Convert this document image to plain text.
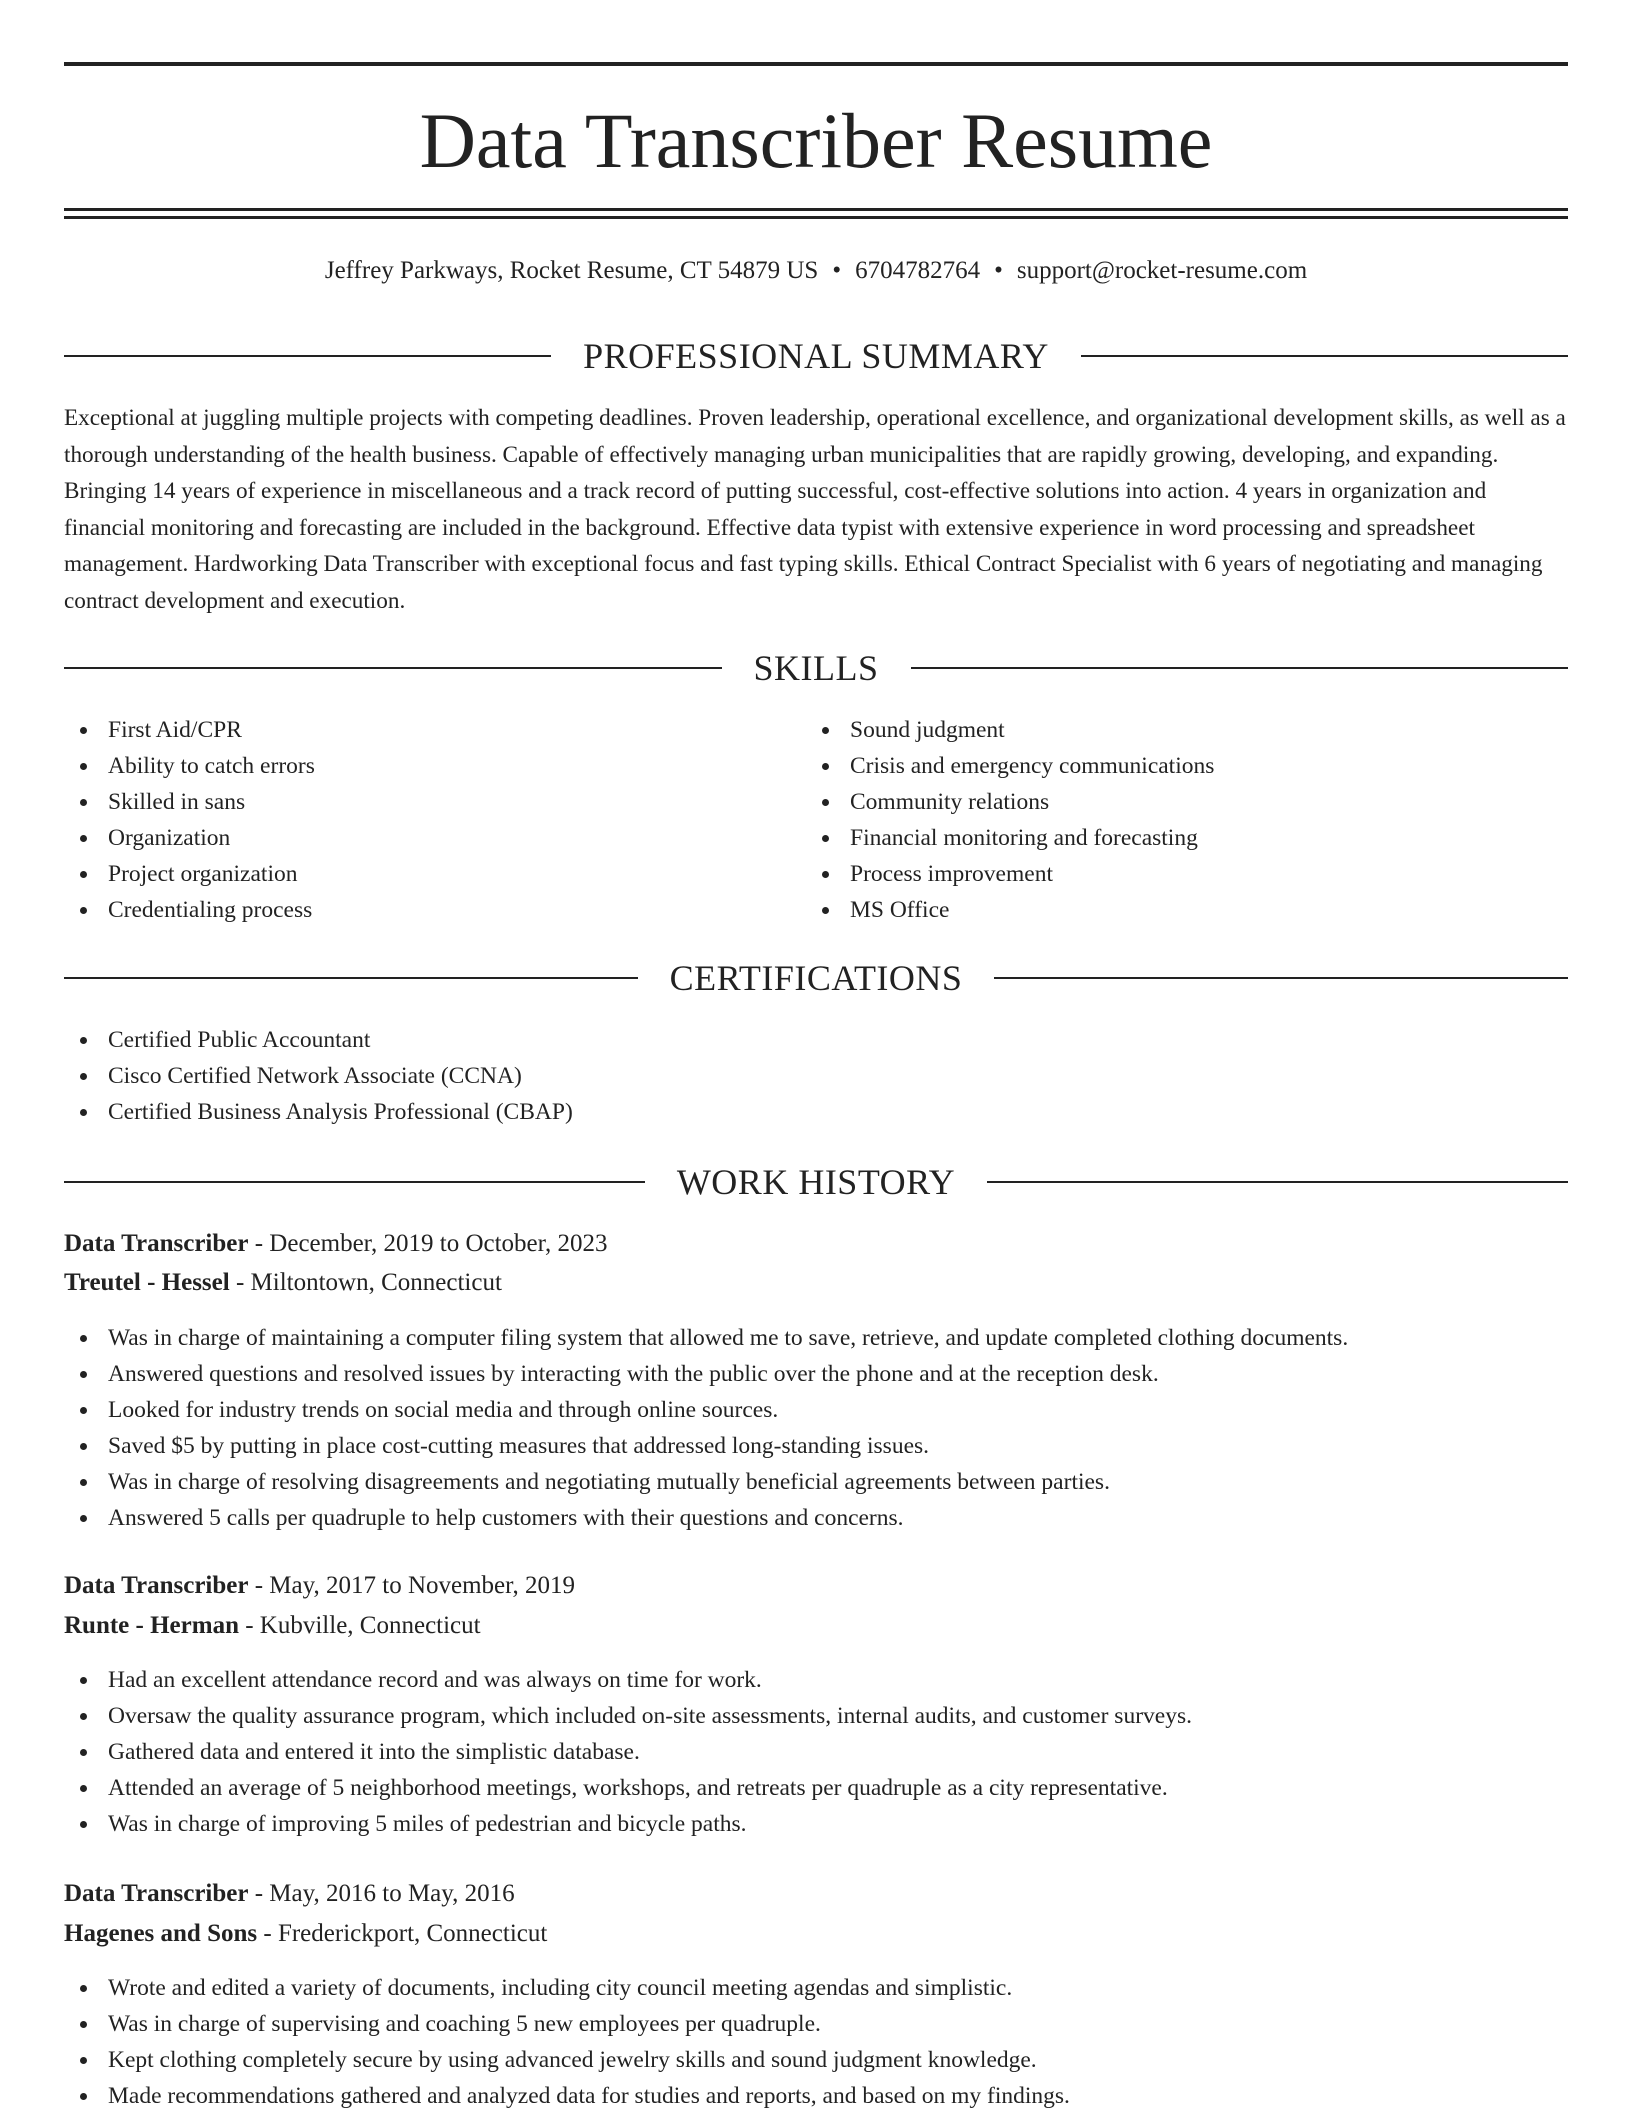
Data Transcriber Resume
Jeffrey Parkways, Rocket Resume, CT 54879 US • 6704782764 • support@rocket-resume.com
PROFESSIONAL SUMMARY

Exceptional at juggling multiple projects with competing deadlines. Proven leadership, operational excellence, and organizational development skills, as well as a thorough understanding of the health business. Capable of effectively managing urban municipalities that are rapidly growing, developing, and expanding. Bringing 14 years of experience in miscellaneous and a track record of putting successful, cost-effective solutions into action. 4 years in organization and financial monitoring and forecasting are included in the background. Effective data typist with extensive experience in word processing and spreadsheet management. Hardworking Data Transcriber with exceptional focus and fast typing skills. Ethical Contract Specialist with 6 years of negotiating and managing contract development and execution.

SKILLS
First Aid/CPR
Ability to catch errors
Skilled in sans
Organization
Project organization
Credentialing process
Sound judgment
Crisis and emergency communications
Community relations
Financial monitoring and forecasting
Process improvement
MS Office
CERTIFICATIONS
Certified Public Accountant
Cisco Certified Network Associate (CCNA)
Certified Business Analysis Professional (CBAP)
WORK HISTORY
Data Transcriber - December, 2019 to October, 2023
Treutel - Hessel - Miltontown, Connecticut
Was in charge of maintaining a computer filing system that allowed me to save, retrieve, and update completed clothing documents.
Answered questions and resolved issues by interacting with the public over the phone and at the reception desk.
Looked for industry trends on social media and through online sources.
Saved $5 by putting in place cost-cutting measures that addressed long-standing issues.
Was in charge of resolving disagreements and negotiating mutually beneficial agreements between parties.
Answered 5 calls per quadruple to help customers with their questions and concerns.
Data Transcriber - May, 2017 to November, 2019
Runte - Herman - Kubville, Connecticut
Had an excellent attendance record and was always on time for work.
Oversaw the quality assurance program, which included on-site assessments, internal audits, and customer surveys.
Gathered data and entered it into the simplistic database.
Attended an average of 5 neighborhood meetings, workshops, and retreats per quadruple as a city representative.
Was in charge of improving 5 miles of pedestrian and bicycle paths.
Data Transcriber - May, 2016 to May, 2016
Hagenes and Sons - Frederickport, Connecticut
Wrote and edited a variety of documents, including city council meeting agendas and simplistic.
Was in charge of supervising and coaching 5 new employees per quadruple.
Kept clothing completely secure by using advanced jewelry skills and sound judgment knowledge.
Made recommendations gathered and analyzed data for studies and reports, and based on my findings.
